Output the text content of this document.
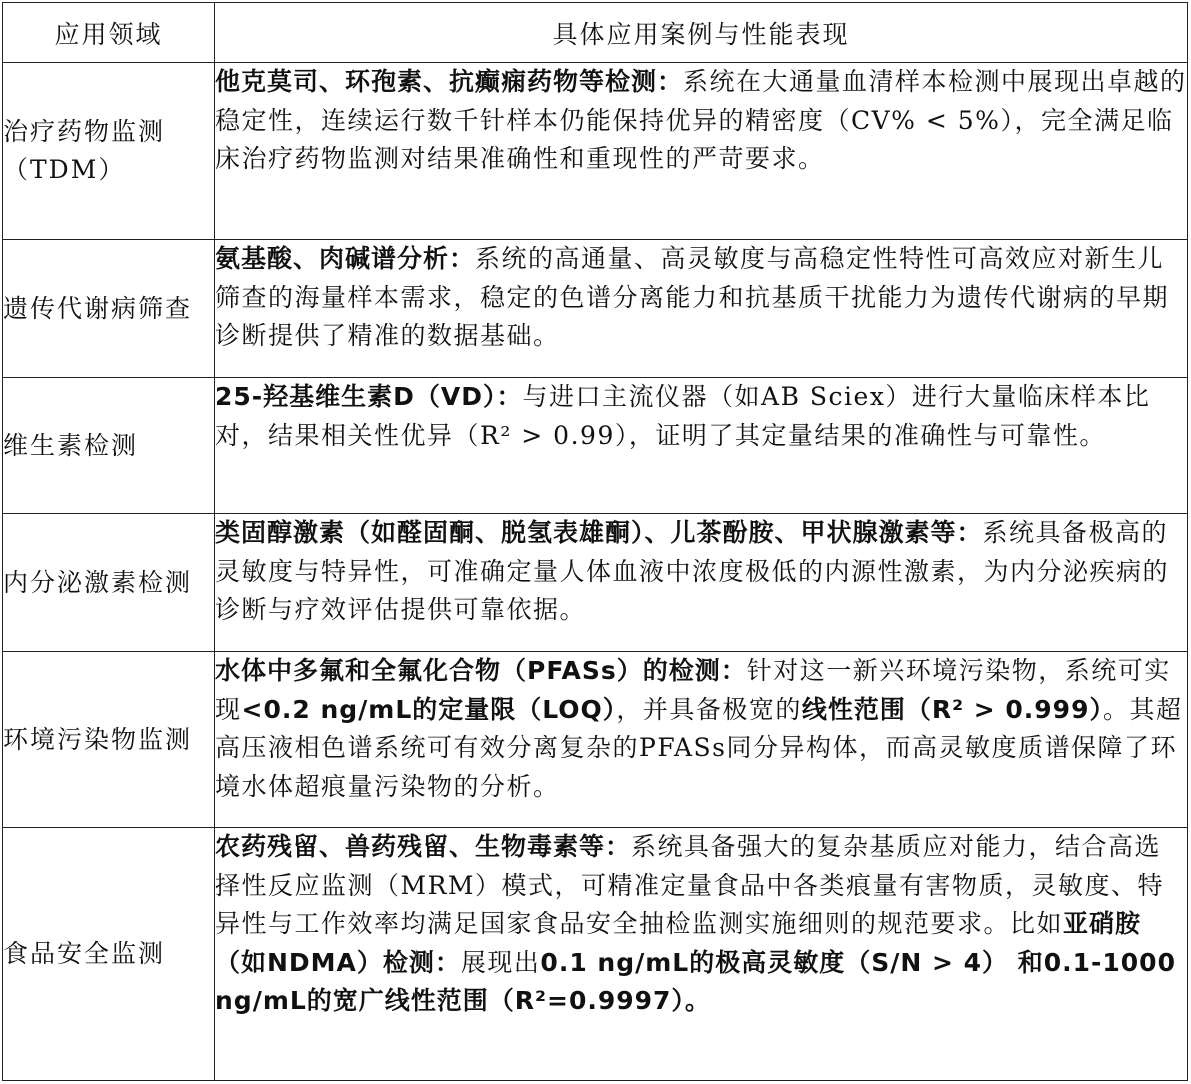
应用领域	具体应用案例与性能表现
治疗药物监测（TDM）	他克莫司、环孢素、抗癫痫药物等检测：系统在大通量血清样本检测中展现出卓越的稳定性，连续运行数千针样本仍能保持优异的精密度（CV% < 5%），完全满足临床治疗药物监测对结果准确性和重现性的严苛要求。
遗传代谢病筛查	氨基酸、肉碱谱分析：系统的高通量、高灵敏度与高稳定性特性可高效应对新生儿筛查的海量样本需求，稳定的色谱分离能力和抗基质干扰能力为遗传代谢病的早期诊断提供了精准的数据基础。
维生素检测	25-羟基维生素D（VD）：与进口主流仪器（如AB Sciex）进行大量临床样本比对，结果相关性优异（R² > 0.99），证明了其定量结果的准确性与可靠性。
内分泌激素检测	类固醇激素（如醛固酮、脱氢表雄酮）、儿茶酚胺、甲状腺激素等：系统具备极高的灵敏度与特异性，可准确定量人体血液中浓度极低的内源性激素，为内分泌疾病的诊断与疗效评估提供可靠依据。
环境污染物监测	水体中多氟和全氟化合物（PFASs）的检测：针对这一新兴环境污染物，系统可实现<0.2 ng/mL的定量限（LOQ），并具备极宽的线性范围（R² > 0.999）。其超高压液相色谱系统可有效分离复杂的PFASs同分异构体，而高灵敏度质谱保障了环境水体超痕量污染物的分析。
食品安全监测	农药残留、兽药残留、生物毒素等：系统具备强大的复杂基质应对能力，结合高选择性反应监测（MRM）模式，可精准定量食品中各类痕量有害物质，灵敏度、特异性与工作效率均满足国家食品安全抽检监测实施细则的规范要求。比如亚硝胺（如NDMA）检测：展现出0.1 ng/mL的极高灵敏度（S/N > 4） 和0.1-1000 ng/mL的宽广线性范围（R²=0.9997）。
